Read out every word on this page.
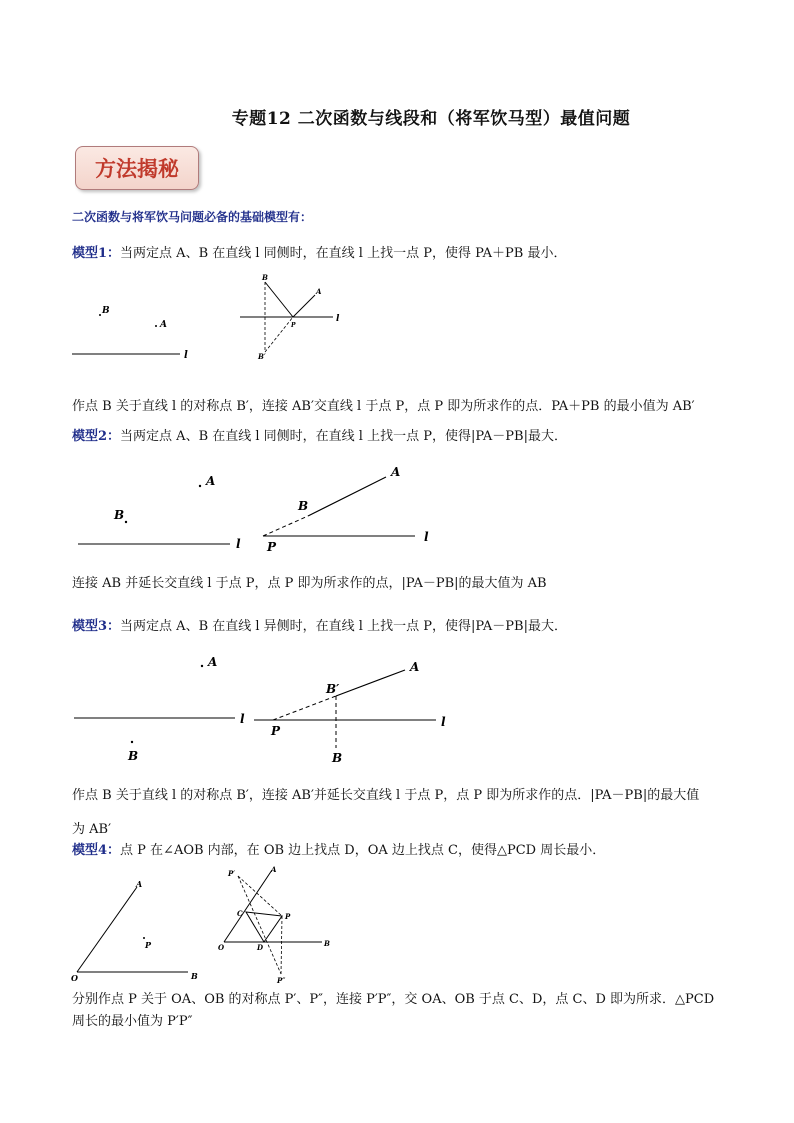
专题12 二次函数与线段和（将军饮马型）最值问题
方法揭秘
二次函数与将军饮马问题必备的基础模型有：
模型1：当两定点 A、B 在直线 l 同侧时，在直线 l 上找一点 P，使得 PA＋PB 最小．
B
A
l
l
B
A
P
B′
作点 B 关于直线 l 的对称点 B′，连接 AB′交直线 l 于点 P，点 P 即为所求作的点．PA＋PB 的最小值为 AB′
模型2：当两定点 A、B 在直线 l 同侧时，在直线 l 上找一点 P，使得|PA－PB|最大．
A
B
l	l
A
B
P
连接 AB 并延长交直线 l 于点 P，点 P 即为所求作的点，|PA－PB|的最大值为 AB
模型3：当两定点 A、B 在直线 l 异侧时，在直线 l 上找一点 P，使得|PA－PB|最大．
A
l
B
l
A
B′
P
B
作点 B 关于直线 l 的对称点 B′，连接 AB′并延长交直线 l 于点 P，点 P 即为所求作的点．|PA－PB|的最大值
为 AB′
模型4：点 P 在∠AOB 内部，在 OB 边上找点 D，OA 边上找点 C，使得△PCD 周长最小．
A
P
O	B
A
O	B
P′
C	P
D
P″
分别作点 P 关于 OA、OB 的对称点 P′、P″，连接 P′P″，交 OA、OB 于点 C、D，点 C、D 即为所求．△PCD
周长的最小值为 P′P″
